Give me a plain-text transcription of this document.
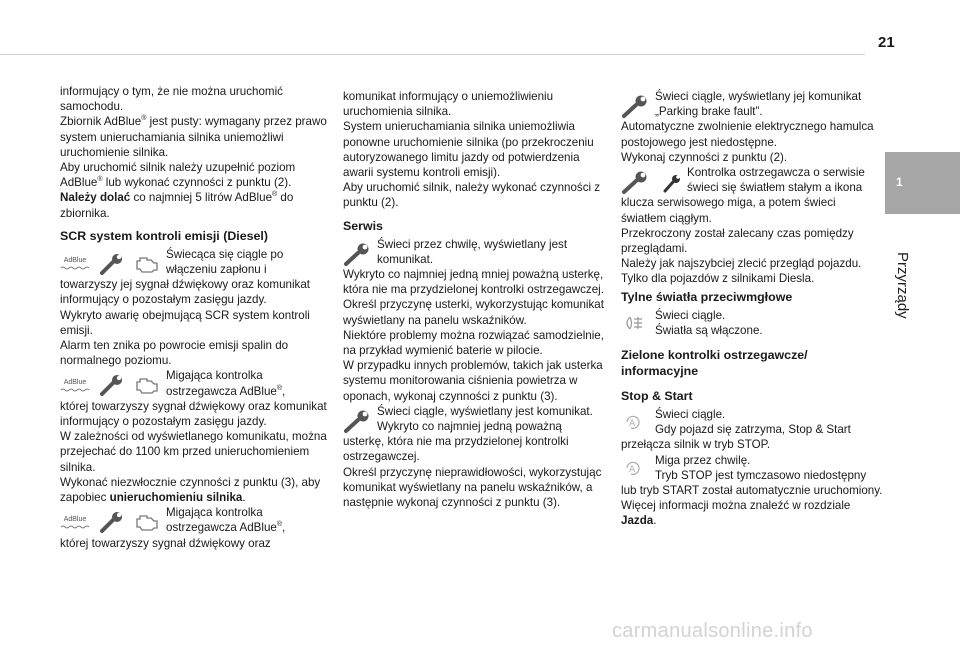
21
1
Przyrządy

informujący o tym, że nie można uruchomić
samochodu.

Zbiornik AdBlue® jest pusty: wymagany przez prawo system unieruchamiania silnika uniemożliwi uruchomienie silnika.

Aby uruchomić silnik należy uzupełnić poziom AdBlue® lub wykonać czynności z punktu (2).

Należy dolać co najmniej 5 litrów AdBlue® do zbiornika.

SCR system kontroli emisji (Diesel)
AdBlue	Świecąca się ciągle po włączeniu zapłonu i

towarzyszy jej sygnał dźwiękowy oraz komunikat informujący o pozostałym zasięgu jazdy.

Wykryto awarię obejmującą SCR system kontroli emisji.

Alarm ten znika po powrocie emisji spalin do normalnego poziomu.

AdBlue	Migająca kontrolka ostrzegawcza AdBlue®,

której towarzyszy sygnał dźwiękowy oraz komunikat informujący o pozostałym zasięgu jazdy.

W zależności od wyświetlanego komunikatu, można przejechać do 1100 km przed unieruchomieniem silnika.

Wykonać niezwłocznie czynności z punktu (3), aby zapobiec unieruchomieniu silnika.

AdBlue	Migająca kontrolka ostrzegawcza AdBlue®,

której towarzyszy sygnał dźwiękowy oraz

komunikat informujący o uniemożliwieniu uruchomienia silnika.

System unieruchamiania silnika uniemożliwia ponowne uruchomienie silnika (po przekroczeniu autoryzowanego limitu jazdy od potwierdzenia awarii systemu kontroli emisji).

Aby uruchomić silnik, należy wykonać czynności z punktu (2).

Serwis

Świeci przez chwilę, wyświetlany jest komunikat.

Wykryto co najmniej jedną mniej poważną usterkę, która nie ma przydzielonej kontrolki ostrzegawczej.

Określ przyczynę usterki, wykorzystując komunikat wyświetlany na panelu wskaźników.

Niektóre problemy można rozwiązać samodzielnie, na przykład wymienić baterie w pilocie.

W przypadku innych problemów, takich jak usterka systemu monitorowania ciśnienia powietrza w oponach, wykonaj czynności z punktu (3).

Świeci ciągle, wyświetlany jest komunikat. Wykryto co najmniej jedną poważną

usterkę, która nie ma przydzielonej kontrolki ostrzegawczej.

Określ przyczynę nieprawidłowości, wykorzystując komunikat wyświetlany na panelu wskaźników, a następnie wykonaj czynności z punktu (3).

Świeci ciągle, wyświetlany jej komunikat „Parking brake fault”.

Automatyczne zwolnienie elektrycznego hamulca postojowego jest niedostępne.

Wykonaj czynności z punktu (2).

Kontrolka ostrzegawcza o serwisie świeci się światłem stałym a ikona

klucza serwisowego miga, a potem świeci światłem ciągłym.

Przekroczony został zalecany czas pomiędzy przeglądami.

Należy jak najszybciej zlecić przegląd pojazdu. Tylko dla pojazdów z silnikami Diesla.

Tylne światła przeciwmgłowe

Świeci ciągle.
Światła są włączone.

Zielone kontrolki ostrzegawcze/ informacyjne
Stop & Start
A

Świeci ciągle.
Gdy pojazd się zatrzyma, Stop & Start

przełącza silnik w tryb STOP.

A

Miga przez chwilę.
Tryb STOP jest tymczasowo niedostępny

lub tryb START został automatycznie uruchomiony.

Więcej informacji można znaleźć w rozdziale Jazda.

carmanualsonline.info
